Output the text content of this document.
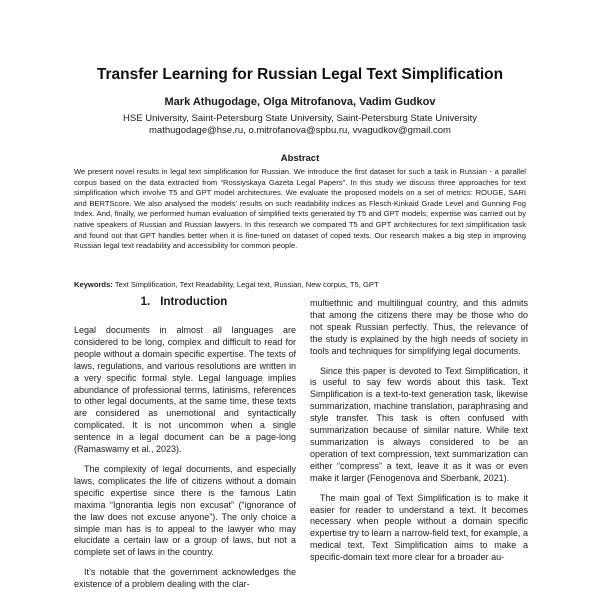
Transfer Learning for Russian Legal Text Simplification
Mark Athugodage, Olga Mitrofanova, Vadim Gudkov
HSE University, Saint-Petersburg State University, Saint-Petersburg State University
mathugodage@hse.ru, o.mitrofanova@spbu.ru, vvagudkov@gmail.com
Abstract
We present novel results in legal text simplification for Russian. We introduce the first dataset for such a task in Russian - a parallel corpus based on the data extracted from “Rossiyskaya Gazeta Legal Papers”. In this study we discuss three approaches for text simplification which involve T5 and GPT model architectures. We evaluate the proposed models on a set of metrics: ROUGE, SARI and BERTScore. We also analysed the models’ results on such readability indices as Flesch-Kinkaid Grade Level and Gunning Fog Index. And, finally, we performed human evaluation of simplified texts generated by T5 and GPT models; expertise was carried out by native speakers of Russian and Russian lawyers. In this research we compared T5 and GPT architectures for text simplification task and found out that GPT handles better when it is fine-tuned on dataset of coped texts. Our research makes a big step in improving Russian legal text readability and accessibility for common people.
Keywords: Text Simplification, Text Readability, Legal text, Russian, New corpus, T5, GPT
1. Introduction

Legal documents in almost all languages are considered to be long, complex and difficult to read for people without a domain specific expertise. The texts of laws, regulations, and various resolutions are written in a very specific formal style. Legal language implies abundance of professional terms, latinisms, references to other legal documents, at the same time, these texts are considered as unemotional and syntactically complicated. It is not uncommon when a single sentence in a legal document can be a page-long (Ramaswamy et al., 2023).

The complexity of legal documents, and especially laws, complicates the life of citizens without a domain specific expertise since there is the famous Latin maxima “Ignorantia legis non excusat” (“ignorance of the law does not excuse anyone”). The only choice a simple man has is to appeal to the lawyer who may elucidate a certain law or a group of laws, but not a complete set of laws in the country.

It’s notable that the government acknowledges the existence of a problem dealing with the clar-

multiethnic and multilingual country, and this admits that among the citizens there may be those who do not speak Russian perfectly. Thus, the relevance of the study is explained by the high needs of society in tools and techniques for simplifying legal documents.

Since this paper is devoted to Text Simplification, it is useful to say few words about this task. Text Simplification is a text-to-text generation task, likewise summarization, machine translation, paraphrasing and style transfer. This task is often confused with summarization because of similar nature. While text summarization is always considered to be an operation of text compression, text summarization can either “compress” a text, leave it as it was or even make it larger (Fenogenova and Sberbank, 2021).

The main goal of Text Simplification is to make it easier for reader to understand a text. It becomes necessary when people without a domain specific expertise try to learn a narrow-field text, for example, a medical text. Text Simplification aims to make a specific-domain text more clear for a broader au-
